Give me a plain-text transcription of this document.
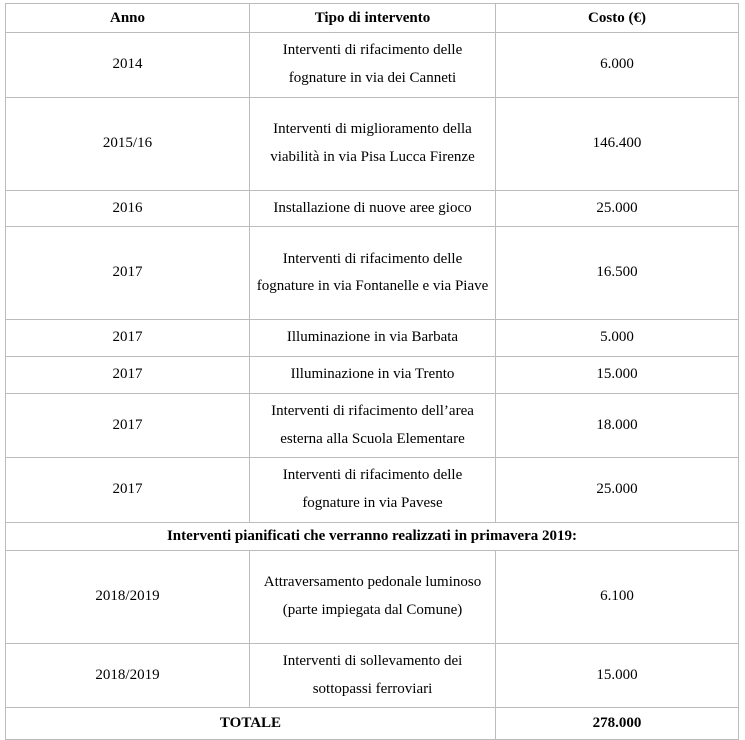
Anno	Tipo di intervento	Costo (€)
2014	Interventi di rifacimento delle fognature in via dei Canneti	6.000
2015/16	Interventi di miglioramento della viabilità in via Pisa Lucca Firenze	146.400
2016	Installazione di nuove aree gioco	25.000
2017	Interventi di rifacimento delle fognature in via Fontanelle e via Piave	16.500
2017	Illuminazione in via Barbata	5.000
2017	Illuminazione in via Trento	15.000
2017	Interventi di rifacimento dell’area esterna alla Scuola Elementare	18.000
2017	Interventi di rifacimento delle fognature in via Pavese	25.000
Interventi pianificati che verranno realizzati in primavera 2019:		
2018/2019	Attraversamento pedonale luminoso (parte impiegata dal Comune)	6.100
2018/2019	Interventi di sollevamento dei sottopassi ferroviari	15.000
TOTALE		278.000
